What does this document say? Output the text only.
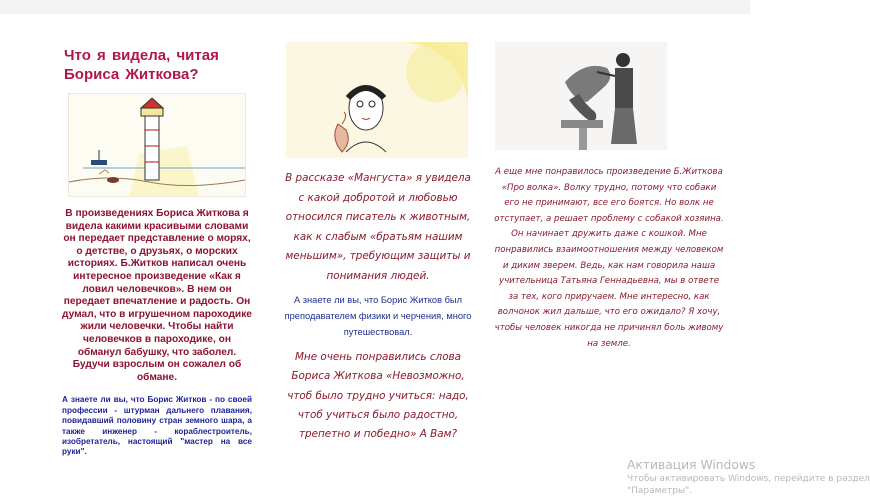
Что я видела, читая Бориса Житкова?
В произведениях Бориса Житкова я видела какими красивыми словами он передает представление о морях, о детстве, о друзьях, о морских историях. Б.Житков написал очень интересное произведение «Как я ловил человечков». В нем он передает впечатление и радость. Он думал, что в игрушечном пароходике жили человечки. Чтобы найти человечков в пароходике, он обманул бабушку, что заболел. Будучи взрослым он сожалел об обмане.
А знаете ли вы, что Борис Житков - по своей профессии - штурман дальнего плавания, повидавший половину стран земного шара, а также инженер - кораблестроитель, изобретатель, настоящий "мастер на все руки".
В рассказе «Мангуста» я увидела с какой добротой и любовью относился писатель к животным, как к слабым «братьям нашим меньшим», требующим защиты и понимания людей.
А знаете ли вы, что Борис Житков был преподавателем физики и черчения, много путешествовал.
Мне очень понравились слова Бориса Житкова «Невозможно, чтоб было трудно учиться: надо, чтоб учиться было радостно, трепетно и победно» А Вам?
А еще мне понравилось произведение Б.Житкова «Про волка». Волку трудно, потому что собаки его не принимают, все его боятся. Но волк не отступает, а решает проблему с собакой хозяина. Он начинает дружить даже с кошкой. Мне понравились взаимоотношения между человеком и диким зверем. Ведь, как нам говорила наша учительница Татьяна Геннадьевна, мы в ответе за тех, кого приручаем. Мне интересно, как волчонок жил дальше, что его ожидало? Я хочу, чтобы человек никогда не причинял боль живому на земле.
Активация Windows
Чтобы активировать Windows, перейдите в раздел
"Параметры".
